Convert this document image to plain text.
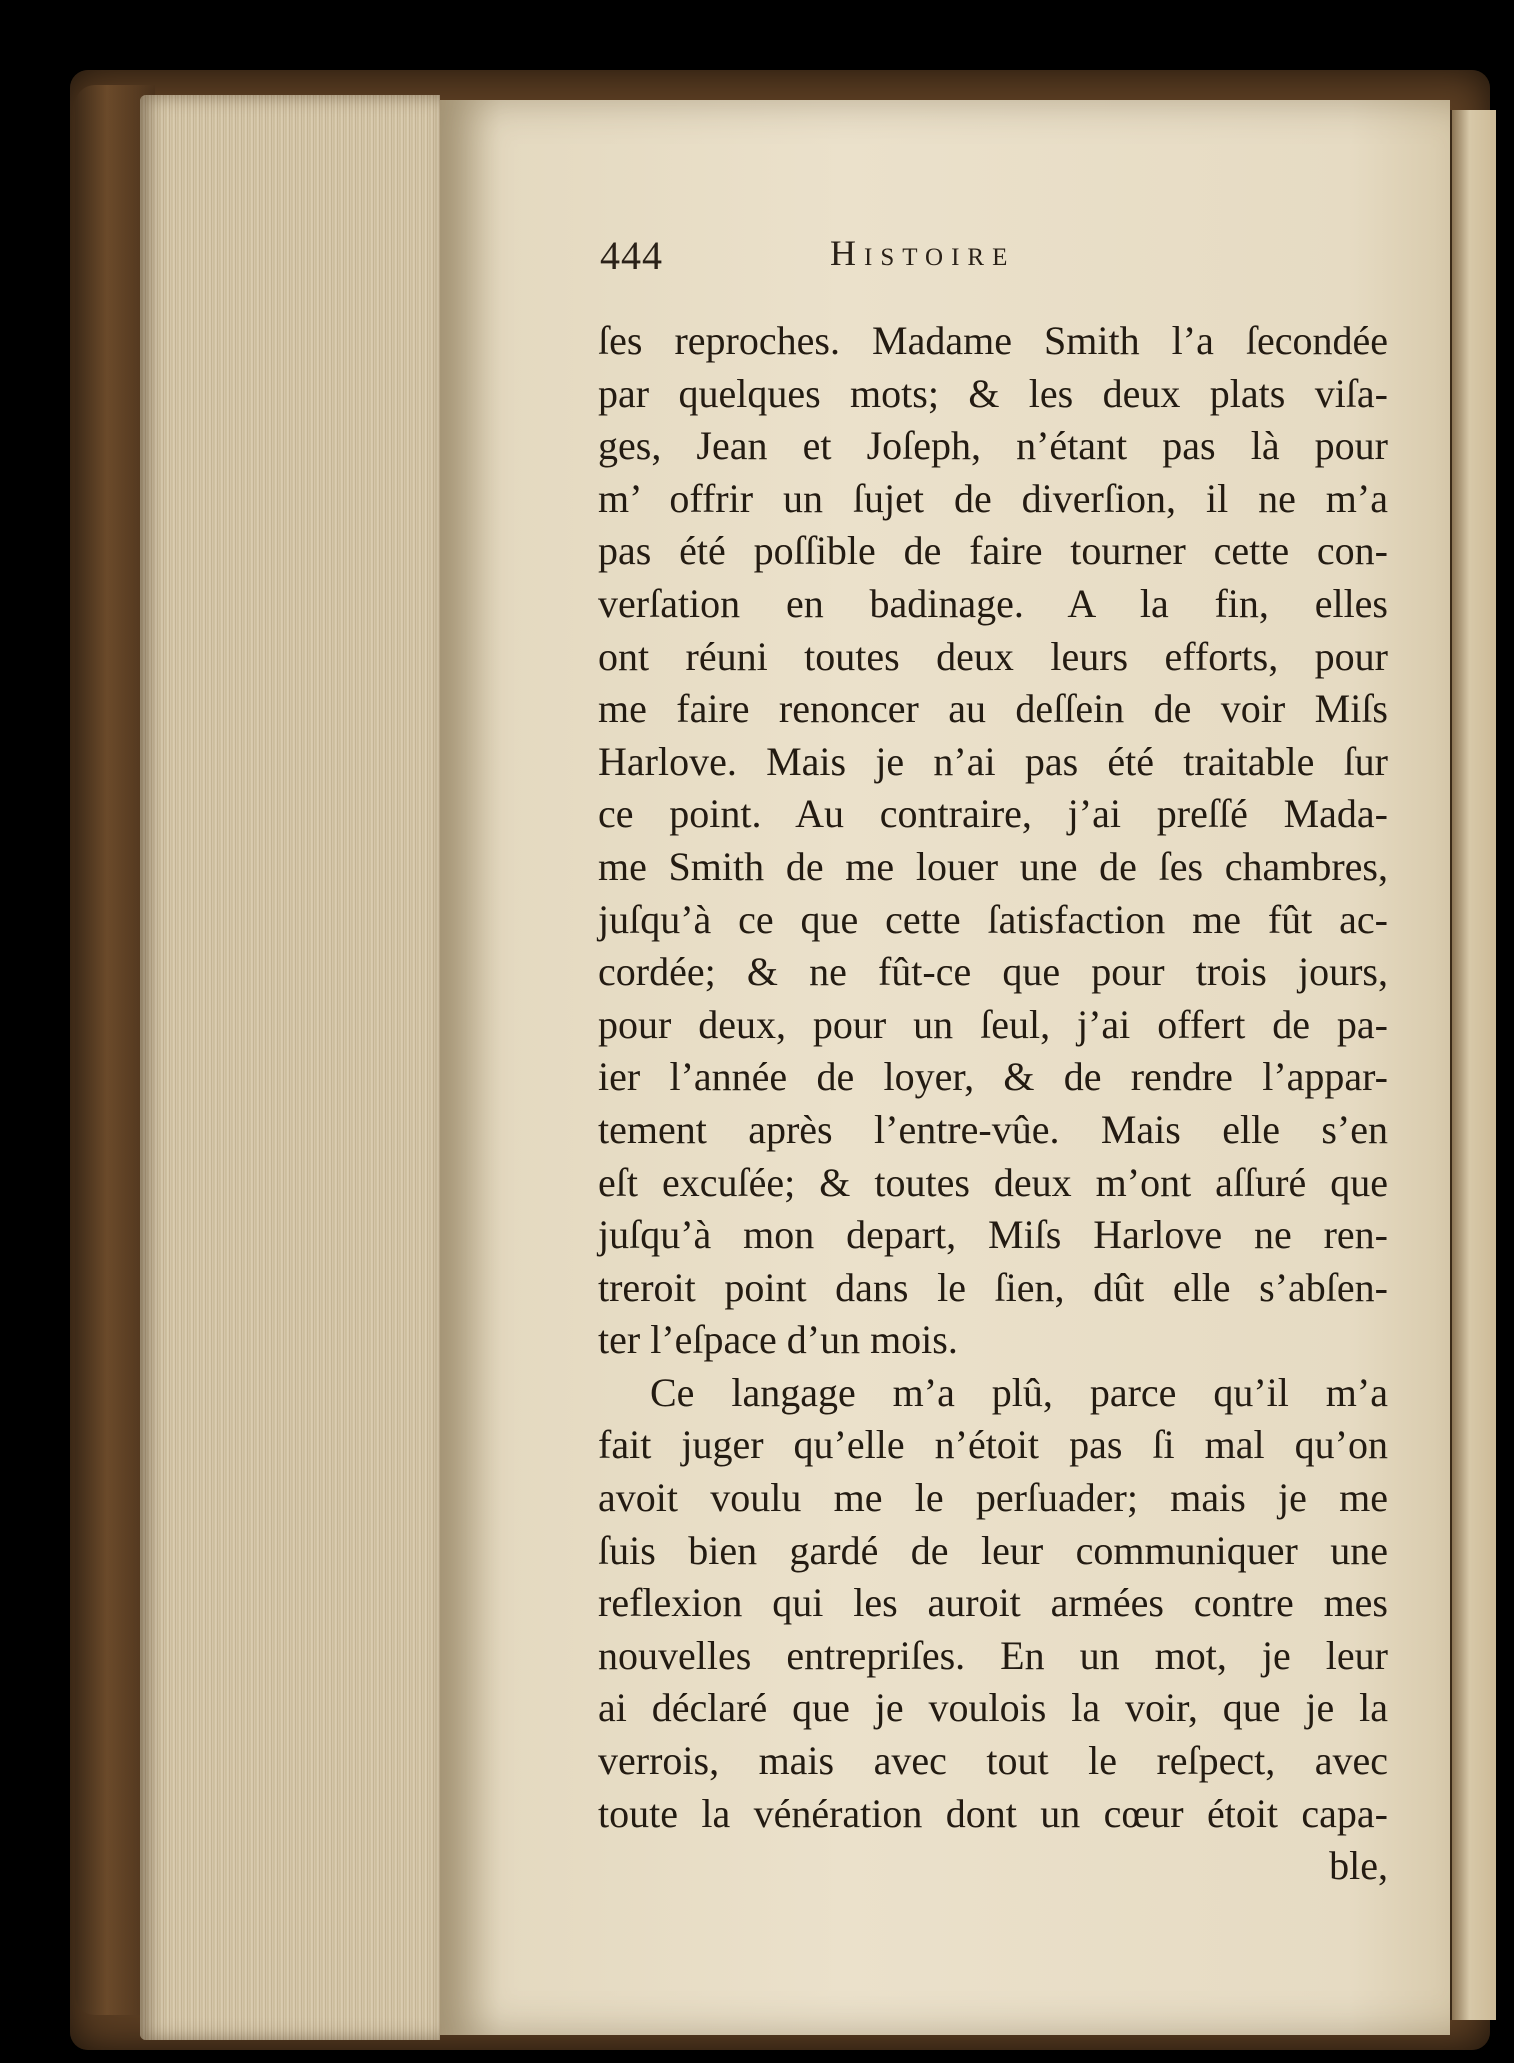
444	Histoire
ſes reproches. Madame Smith l’a ſecondée
par quelques mots; & les deux plats viſa-
ges, Jean et Joſeph, n’étant pas là pour
m’ offrir un ſujet de diverſion, il ne m’a
pas été poſſible de faire tourner cette con-
verſation en badinage. A la fin, elles
ont réuni toutes deux leurs efforts, pour
me faire renoncer au deſſein de voir Miſs
Harlove. Mais je n’ai pas été traitable ſur
ce point. Au contraire, j’ai preſſé Mada-
me Smith de me louer une de ſes chambres,
juſqu’à ce que cette ſatisfaction me fût ac-
cordée; & ne fût-ce que pour trois jours,
pour deux, pour un ſeul, j’ai offert de pa-
ier l’année de loyer, & de rendre l’appar-
tement après l’entre-vûe. Mais elle s’en
eſt excuſée; & toutes deux m’ont aſſuré que
juſqu’à mon depart, Miſs Harlove ne ren-
treroit point dans le ſien, dût elle s’abſen-
ter l’eſpace d’un mois.
Ce langage m’a plû, parce qu’il m’a
fait juger qu’elle n’étoit pas ſi mal qu’on
avoit voulu me le perſuader; mais je me
ſuis bien gardé de leur communiquer une
reflexion qui les auroit armées contre mes
nouvelles entrepriſes. En un mot, je leur
ai déclaré que je voulois la voir, que je la
verrois, mais avec tout le reſpect, avec
toute la vénération dont un cœur étoit capa-
ble,
